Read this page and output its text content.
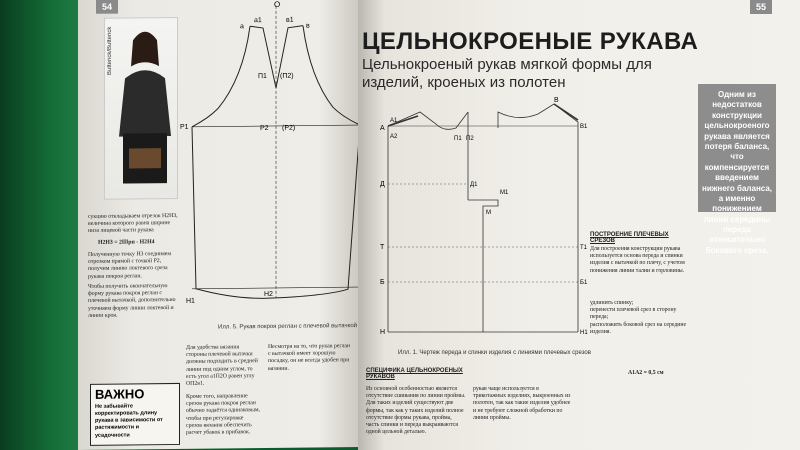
54
Butterick/Butterick
O
a1
a
в1
в
П1 (П2)
Р1	Р2 (Р2)
Н1
Н2
сукцию откладываем отрезок Н2Н3, величина которого равна ширине низа лицевой части рукава
Н2Н3 = 2Шрп - Н2Н4
Полученную точку Н3 соединяем отрезком прямой с точкой Р2, получим линию локтевого среза рукава покроя реглан.
Чтобы получить окончательную форму рукава покроя реглан с плечевой вытачкой, дополнительно уточняем форму линии локтевой и линии кроя.
Илл. 5. Рукав покроя реглан с плечевой вытачкой
Для удобства вязания стороны плечевой вытачки должны подходить в средней линии под одним углом, то есть угол а1П2О равен углу ОП2в1.
Несмотря на то, что рукав реглан с вытачкой имеет хорошую посадку, он не всегда удобен при вязании.
Кроме того, направление срезов рукава покроя реглан обычно задаётся одинаковым, чтобы при регулировке срезов вязания обеспечить расчет убавок в прибавок.
ВАЖНО
Не забывайте корректировать длину рукава в зависимости от растяжимости и усадочности
55
ЦЕЛЬНОКРОЕНЫЕ РУКАВА
Цельнокроеный рукав мягкой формы для изделий, кроеных из полотен
A
A1
A2	П1 П2
B
B1
Д	Д1
М1
М
Т	Т1
Б	Б1
Н	Н1
Одним из недостатков конструкции цельнокроеного рукава является потеря баланса, что компенсируется введением нижнего баланса, а именно понижением линии середины переда относительно бокового среза.
Илл. 1. Чертеж переда и спинки изделия с линиями плечевых срезов
СПЕЦИФИКА ЦЕЛЬНОКРОЕНЫХ РУКАВОВ
Из основной особенностью является отсутствие сшивания по линии проймы. Для таких изделий существуют две формы, так как у таких изделий полное отсутствие формы рукава, пройма, часть спинки и переда выкраиваются одной цельной деталью.
рукав чаще используется в трикотажных изделиях, выкроенных из полотен, так как такие изделия удобнее и не требуют сложной обработки по линии проймы.
ПОСТРОЕНИЕ ПЛЕЧЕВЫХ СРЕЗОВ
Для построения конструкции рукава используется основа переда и спинки изделия с вытачкой по плечу, с учетом понижения линии талии и горловины.
удлинить спинку;
перенести плечевой срез в сторону переда;
расположить боковой срез на середине изделия.
А1А2 = 0,5 см
